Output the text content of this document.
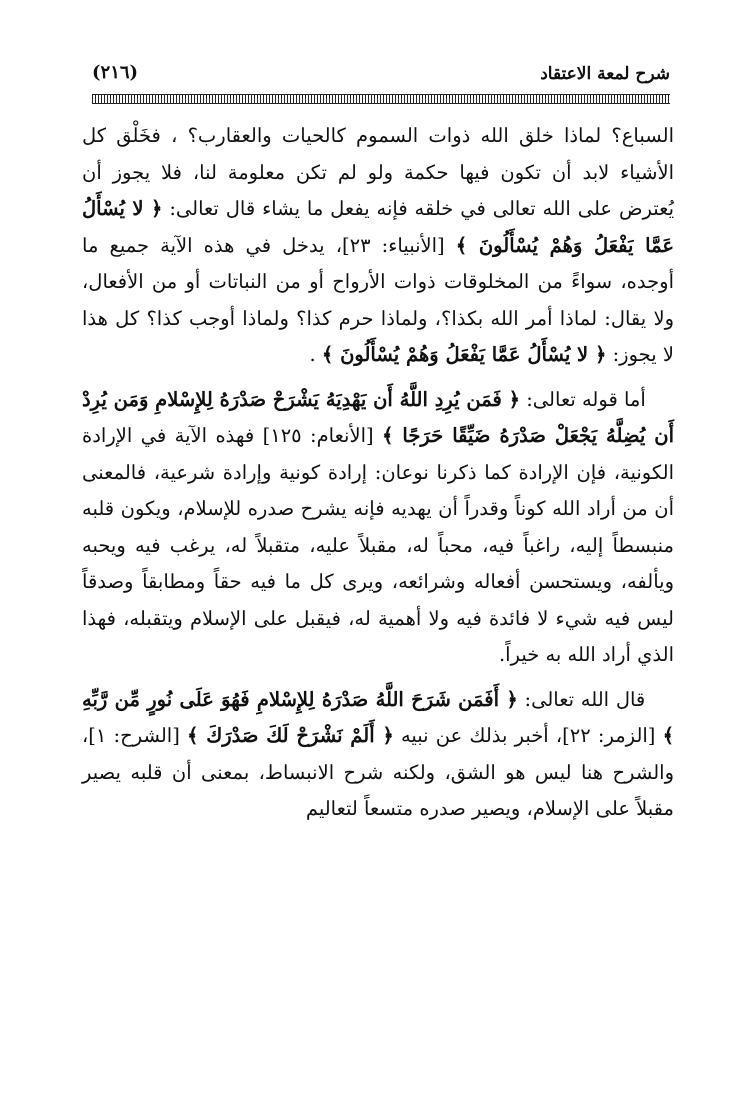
شرح لمعة الاعتقاد
(٢١٦)

السباع؟ لماذا خلق الله ذوات السموم كالحيات والعقارب؟ ، فخَلْق كل الأشياء لابد أن تكون فيها حكمة ولو لم تكن معلومة لنا، فلا يجوز أن يُعترض على الله تعالى في خلقه فإنه يفعل ما يشاء قال تعالى: ﴿ لا يُسْأَلُ عَمَّا يَفْعَلُ وَهُمْ يُسْأَلُونَ ﴾ [الأنبياء: ٢٣]، يدخل في هذه الآية جميع ما أوجده، سواءً من المخلوقات ذوات الأرواح أو من النباتات أو من الأفعال، ولا يقال: لماذا أمر الله بكذا؟، ولماذا حرم كذا؟ ولماذا أوجب كذا؟ كل هذا لا يجوز: ﴿ لا يُسْأَلُ عَمَّا يَفْعَلُ وَهُمْ يُسْأَلُونَ ﴾ .

أما قوله تعالى: ﴿ فَمَن يُرِدِ اللَّهُ أَن يَهْدِيَهُ يَشْرَحْ صَدْرَهُ لِلإِسْلامِ وَمَن يُرِدْ أَن يُضِلَّهُ يَجْعَلْ صَدْرَهُ ضَيِّقًا حَرَجًا ﴾ [الأنعام: ١٢٥] فهذه الآية في الإرادة الكونية، فإن الإرادة كما ذكرنا نوعان: إرادة كونية وإرادة شرعية، فالمعنى أن من أراد الله كوناً وقدراً أن يهديه فإنه يشرح صدره للإسلام، ويكون قلبه منبسطاً إليه، راغباً فيه، محباً له، مقبلاً عليه، متقبلاً له، يرغب فيه ويحبه ويألفه، ويستحسن أفعاله وشرائعه، ويرى كل ما فيه حقاً ومطابقاً وصدقاً ليس فيه شيء لا فائدة فيه ولا أهمية له، فيقبل على الإسلام ويتقبله، فهذا الذي أراد الله به خيراً.

قال الله تعالى: ﴿ أَفَمَن شَرَحَ اللَّهُ صَدْرَهُ لِلإِسْلامِ فَهُوَ عَلَى نُورٍ مِّن رَّبِّهِ ﴾ [الزمر: ٢٢]، أخبر بذلك عن نبيه ﴿ أَلَمْ نَشْرَحْ لَكَ صَدْرَكَ ﴾ [الشرح: ١]، والشرح هنا ليس هو الشق، ولكنه شرح الانبساط، بمعنى أن قلبه يصير مقبلاً على الإسلام، ويصير صدره متسعاً لتعاليم
